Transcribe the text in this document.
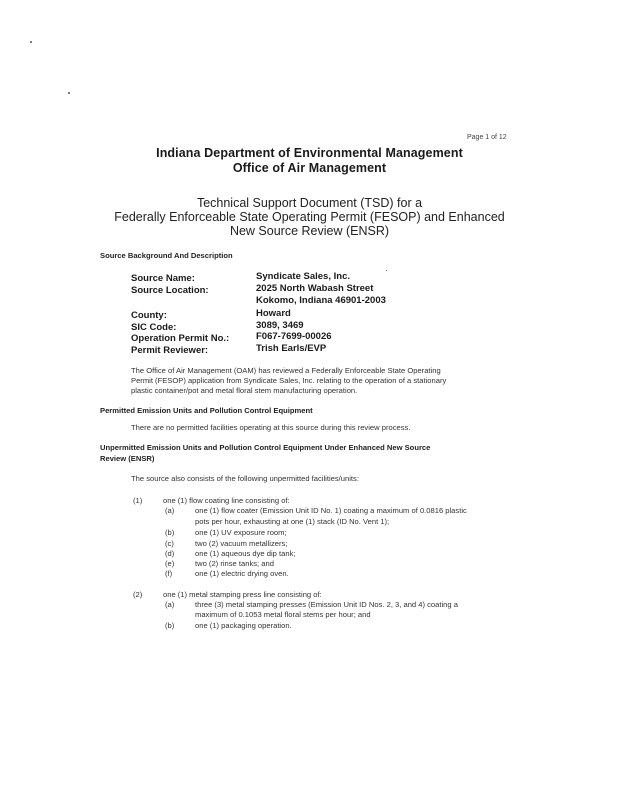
Page 1 of 12
Indiana Department of Environmental Management
Office of Air Management
Technical Support Document (TSD) for a
Federally Enforceable State Operating Permit (FESOP) and Enhanced
New Source Review (ENSR)
Source Background And Description
Source Name:	Syndicate Sales, Inc.
Source Location:	2025 North Wabash Street
Kokomo, Indiana 46901-2003
County:	Howard
SIC Code:	3089, 3469
Operation Permit No.:	F067-7699-00026
Permit Reviewer:	Trish Earls/EVP
The Office of Air Management (OAM) has reviewed a Federally Enforceable State Operating
Permit (FESOP) application from Syndicate Sales, Inc. relating to the operation of a stationary
plastic container/pot and metal floral stem manufacturing operation.
Permitted Emission Units and Pollution Control Equipment
There are no permitted facilities operating at this source during this review process.
Unpermitted Emission Units and Pollution Control Equipment Under Enhanced New Source
Review (ENSR)
The source also consists of the following unpermitted facilities/units:
(1)	one (1) flow coating line consisting of:
(a)	one (1) flow coater (Emission Unit ID No. 1) coating a maximum of 0.0816 plastic
pots per hour, exhausting at one (1) stack (ID No. Vent 1);
(b)	one (1) UV exposure room;
(c)	two (2) vacuum metallizers;
(d)	one (1) aqueous dye dip tank;
(e)	two (2) rinse tanks; and
(f)	one (1) electric drying oven.
(2)	one (1) metal stamping press line consisting of:
(a)	three (3) metal stamping presses (Emission Unit ID Nos. 2, 3, and 4) coating a
maximum of 0.1053 metal floral stems per hour; and
(b)	one (1) packaging operation.
